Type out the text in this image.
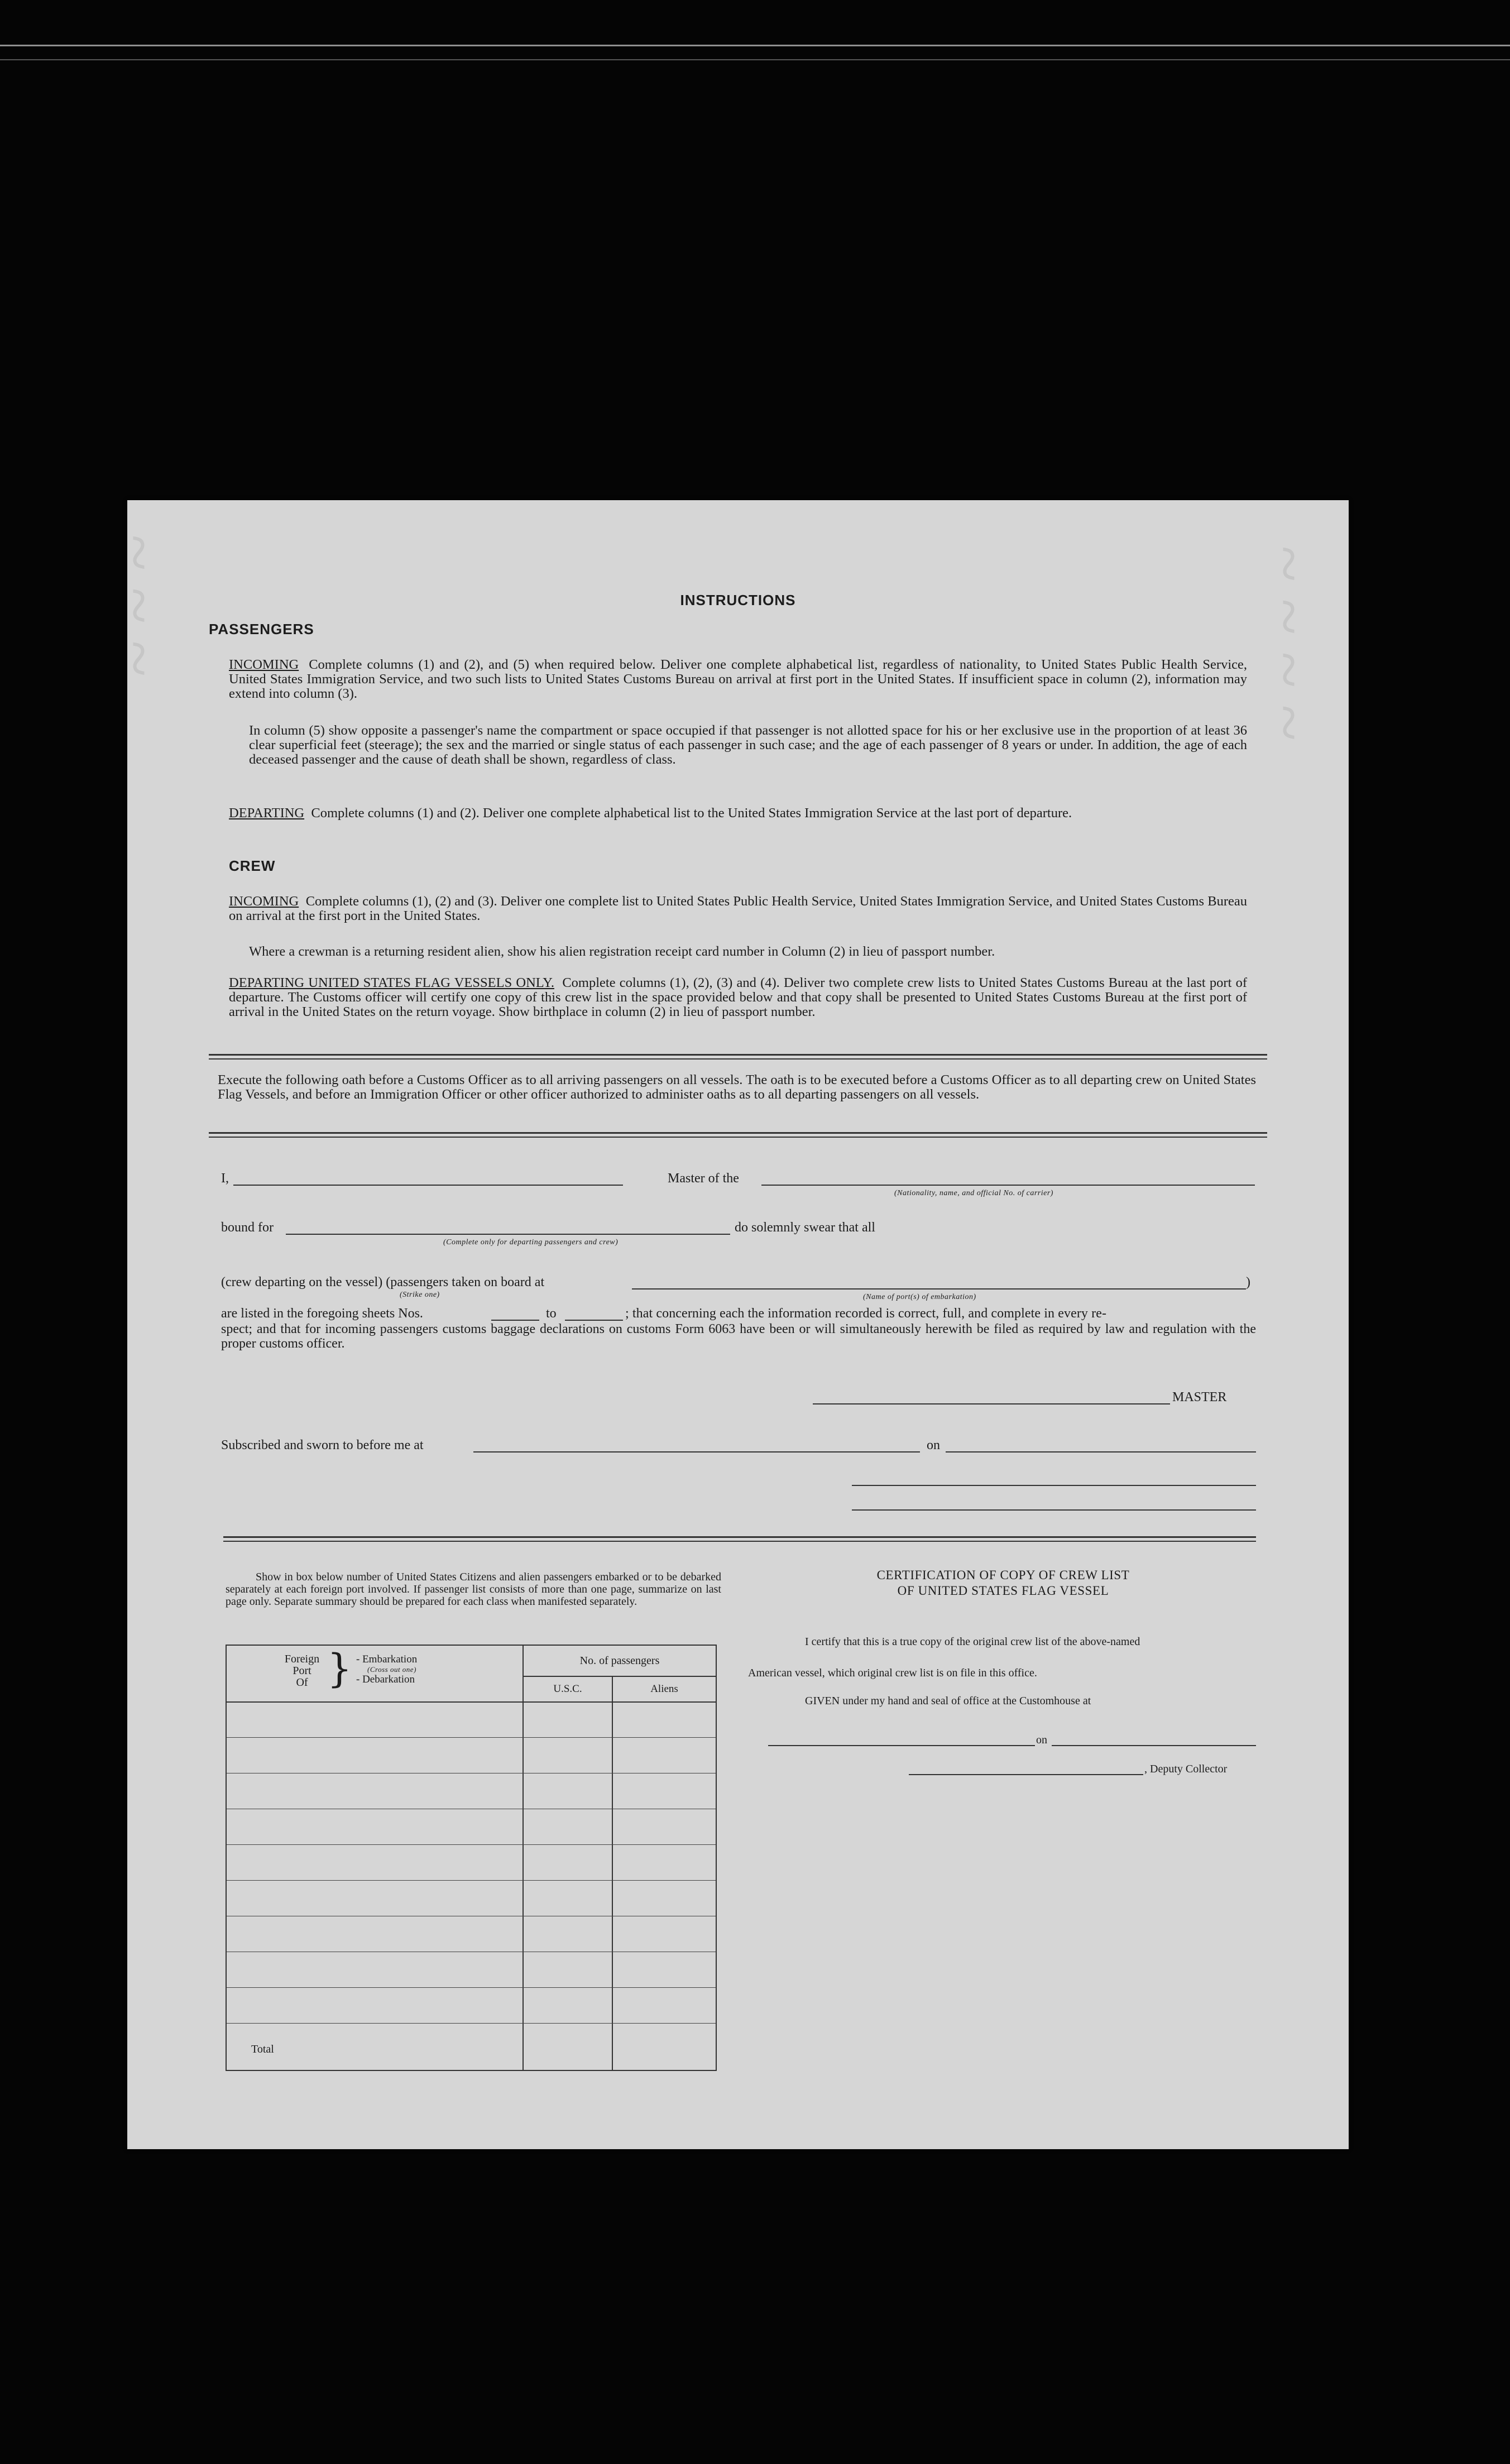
~ ~ ~ ~
~ ~ ~	INSTRUCTIONS
PASSENGERS
INCOMING Complete columns (1) and (2), and (5) when required below. Deliver one complete alphabetical list, regardless of nationality, to United States Public Health Service, United States Immigration Service, and two such lists to United States Customs Bureau on arrival at first port in the United States. If insufficient space in column (2), information may extend into column (3).
In column (5) show opposite a passenger's name the compartment or space occupied if that passenger is not allotted space for his or her exclusive use in the proportion of at least 36 clear superficial feet (steerage); the sex and the married or single status of each passenger in such case; and the age of each passenger of 8 years or under. In addition, the age of each deceased passenger and the cause of death shall be shown, regardless of class.
DEPARTING Complete columns (1) and (2). Deliver one complete alphabetical list to the United States Immigration Service at the last port of departure.
CREW
INCOMING Complete columns (1), (2) and (3). Deliver one complete list to United States Public Health Service, United States Immigration Service, and United States Customs Bureau on arrival at the first port in the United States.
Where a crewman is a returning resident alien, show his alien registration receipt card number in Column (2) in lieu of passport number.
DEPARTING UNITED STATES FLAG VESSELS ONLY. Complete columns (1), (2), (3) and (4). Deliver two complete crew lists to United States Customs Bureau at the last port of departure. The Customs officer will certify one copy of this crew list in the space provided below and that copy shall be presented to United States Customs Bureau at the first port of arrival in the United States on the return voyage. Show birthplace in column (2) in lieu of passport number.
Execute the following oath before a Customs Officer as to all arriving passengers on all vessels. The oath is to be executed before a Customs Officer as to all departing crew on United States Flag Vessels, and before an Immigration Officer or other officer authorized to administer oaths as to all departing passengers on all vessels.
I,	Master of the
(Nationality, name, and official No. of carrier)
bound for
(Complete only for departing passengers and crew)
do solemnly swear that all
(crew departing on the vessel) (passengers taken on board at
(Strike one)	(Name of port(s) of embarkation)
)
are listed in the foregoing sheets Nos.	to	; that concerning each the information recorded is correct, full, and complete in every re-
spect; and that for incoming passengers customs baggage declarations on customs Form 6063 have been or will simultaneously herewith be filed as required by law and regulation with the proper customs officer.
MASTER
Subscribed and sworn to before me at	on
Show in box below number of United States Citizens and alien passengers embarked or to be debarked separately at each foreign port involved. If passenger list consists of more than one page, summarize on last page only. Separate summary should be prepared for each class when manifested separately.
Foreign
Port
Of } - Embarkation
(Cross out one)
- Debarkation
No. of passengers
U.S.C.	Aliens
Total
CERTIFICATION OF COPY OF CREW LIST
OF UNITED STATES FLAG VESSEL
I certify that this is a true copy of the original crew list of the above-named
American vessel, which original crew list is on file in this office.
GIVEN under my hand and seal of office at the Customhouse at
on
, Deputy Collector
